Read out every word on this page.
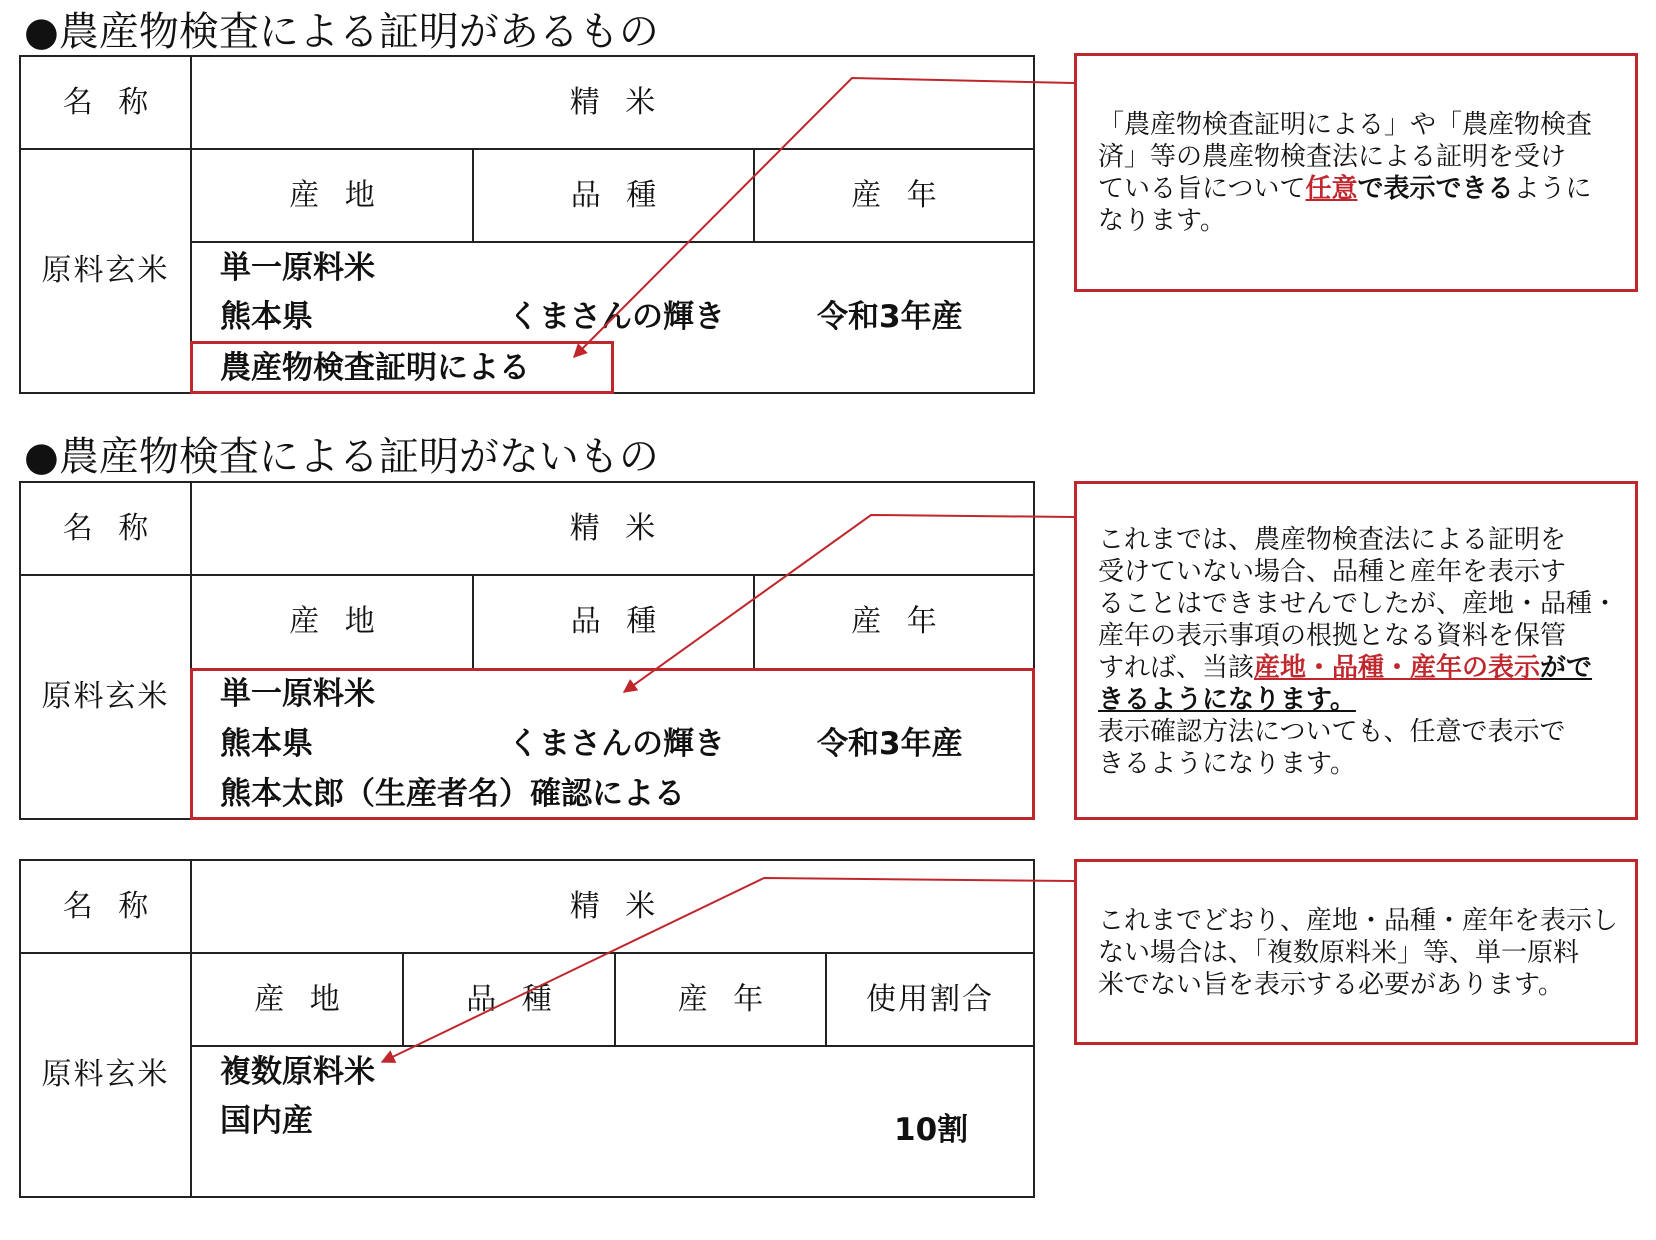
●農産物検査による証明があるもの
名 称	精 米
原料玄米
産 地	品 種	産 年
単一原料米
熊本県	くまさんの輝き	令和3年産
農産物検査証明による
「農産物検査証明による」や「農産物検査
済」等の農産物検査法による証明を受け
ている旨について任意で表示できるように
なります。
●農産物検査による証明がないもの
名 称	精 米
原料玄米
産 地	品 種	産 年
単一原料米
熊本県	くまさんの輝き	令和3年産
熊本太郎（生産者名）確認による
これまでは、農産物検査法による証明を
受けていない場合、品種と産年を表示す
ることはできませんでしたが、産地・品種・
産年の表示事項の根拠となる資料を保管
すれば、当該産地・品種・産年の表示がで
きるようになります。
表示確認方法についても、任意で表示で
きるようになります。
名 称	精 米
原料玄米
産 地	品 種	産 年	使用割合
複数原料米
国内産	10割
これまでどおり、産地・品種・産年を表示し
ない場合は、「複数原料米」等、単一原料
米でない旨を表示する必要があります。
